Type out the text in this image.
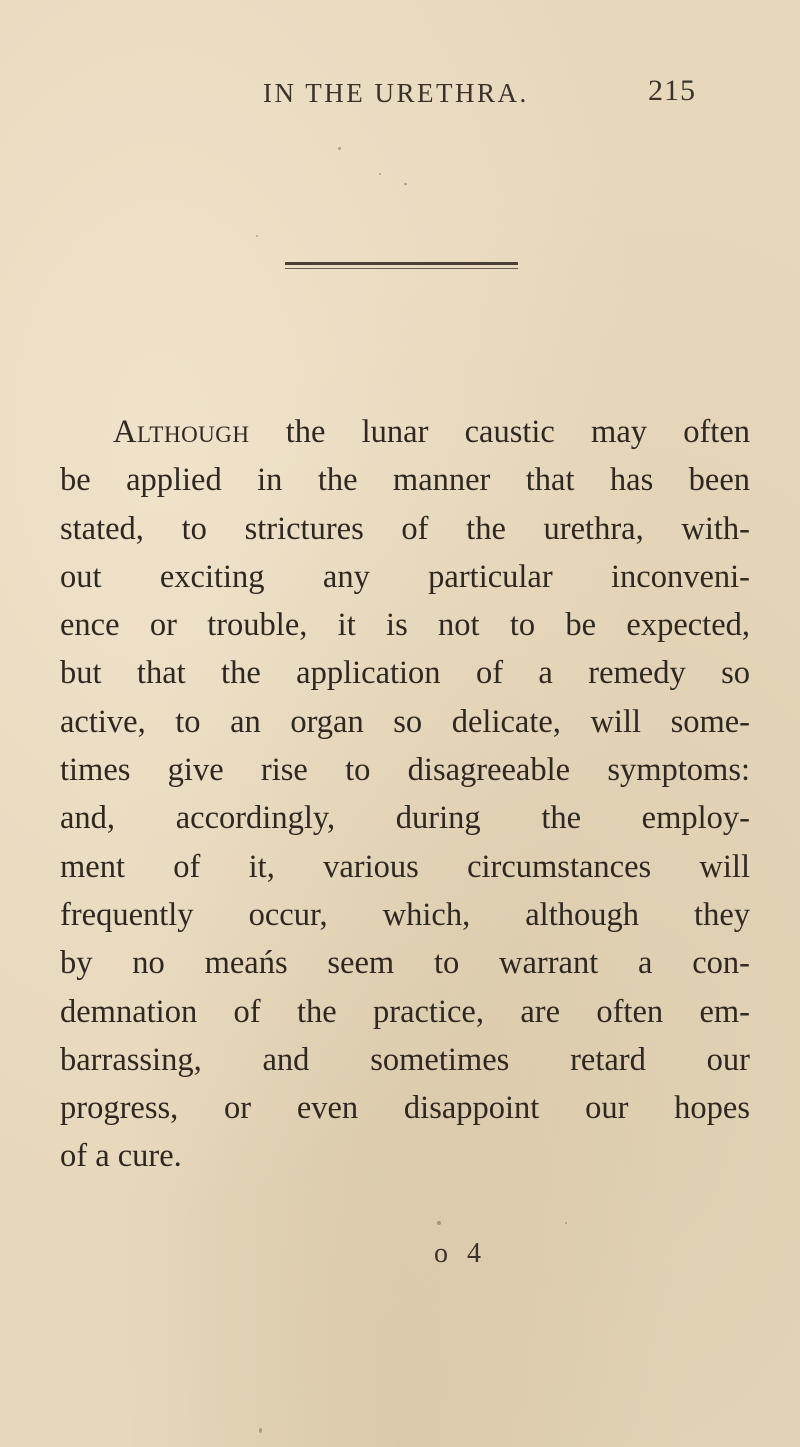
IN THE URETHRA.	215

Although the lunar caustic may often
be applied in the manner that has been
stated, to strictures of the urethra, with-
out exciting any particular inconveni-
ence or trouble, it is not to be expected,
but that the application of a remedy so
active, to an organ so delicate, will some-
times give rise to disagreeable symptoms:
and, accordingly, during the employ-
ment of it, various circumstances will
frequently occur, which, although they
by no meańs seem to warrant a con-
demnation of the practice, are often em-
barrassing, and sometimes retard our
progress, or even disappoint our hopes
of a cure.

o 4
